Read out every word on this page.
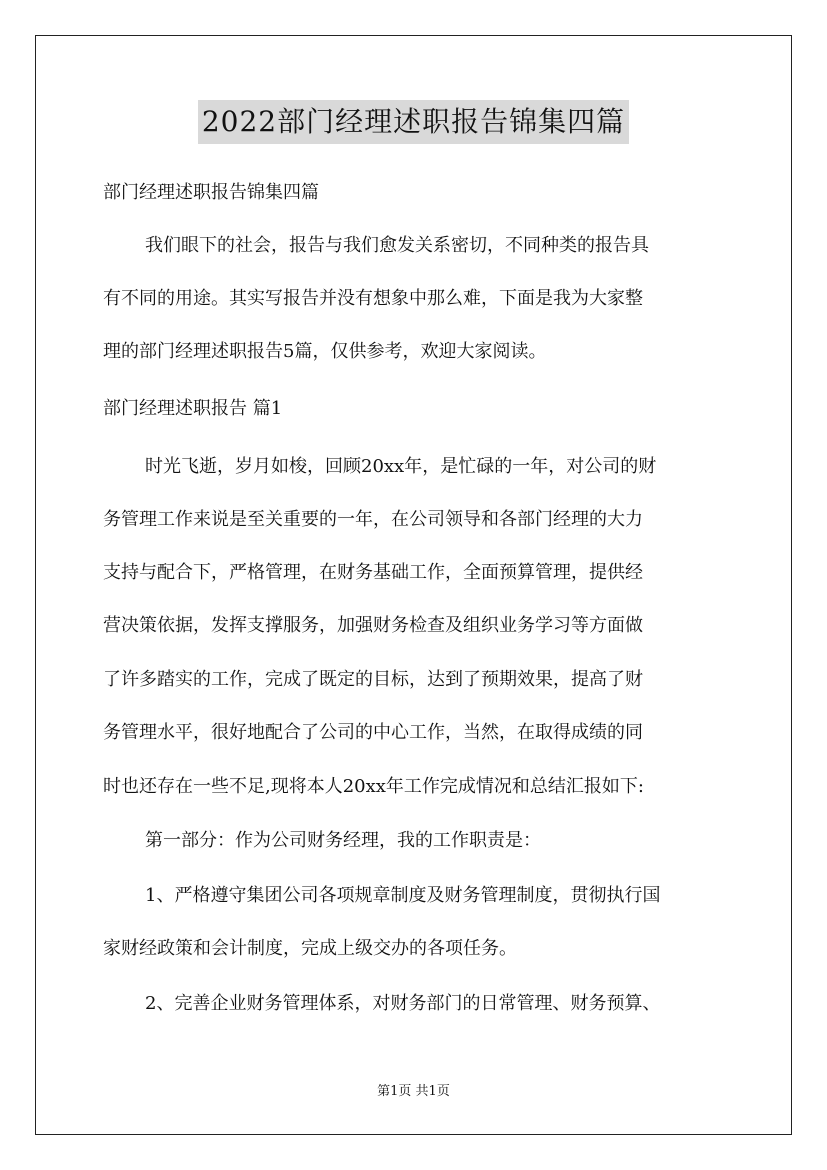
2022部门经理述职报告锦集四篇
部门经理述职报告锦集四篇
我们眼下的社会，报告与我们愈发关系密切，不同种类的报告具
有不同的用途。其实写报告并没有想象中那么难，下面是我为大家整
理的部门经理述职报告5篇，仅供参考，欢迎大家阅读。
部门经理述职报告 篇1
时光飞逝，岁月如梭，回顾20xx年，是忙碌的一年，对公司的财
务管理工作来说是至关重要的一年，在公司领导和各部门经理的大力
支持与配合下，严格管理，在财务基础工作，全面预算管理，提供经
营决策依据，发挥支撑服务，加强财务检查及组织业务学习等方面做
了许多踏实的工作，完成了既定的目标，达到了预期效果，提高了财
务管理水平，很好地配合了公司的中心工作，当然，在取得成绩的同
时也还存在一些不足,现将本人20xx年工作完成情况和总结汇报如下:
第一部分：作为公司财务经理，我的工作职责是：
1、严格遵守集团公司各项规章制度及财务管理制度，贯彻执行国
家财经政策和会计制度，完成上级交办的各项任务。
2、完善企业财务管理体系，对财务部门的日常管理、财务预算、
第1页 共1页
